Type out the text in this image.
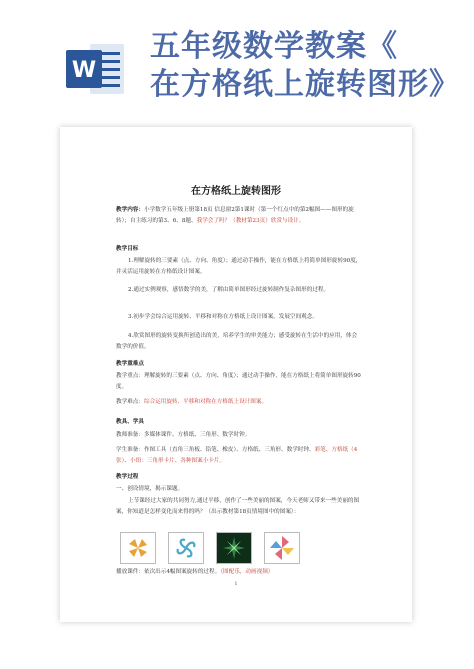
W
五年级数学教案《
在方格纸上旋转图形》
在方格纸上旋转图形
教学内容：小学数学五年级上册第18页 信息窗2第1课时（第一个红点中的第2幅图——图形的旋转）；自主练习的第3、6、8题、我学会了吗？（教材第23页）欣赏与设计。
教学目标
1.理解旋转的三要素（点、方向、角度）；通过动手操作，能在方格纸上将简单图形旋转90度，并灵活运用旋转在方格纸设计图案。
2.通过实例观察，感悟数学的美，了解由简单图形经过旋转制作复杂图形的过程。
3.初步学会综合运用旋转、平移和对称在方格纸上设计图案，发展空间观念。
4.欣赏图形的旋转变换所创造出的美，培养学生的审美能力；感受旋转在生活中的应用，体会数学的价值。
教学重难点
教学重点：理解旋转的三要素（点、方向、角度）；通过动手操作，能在方格纸上将简单图形旋转90度。
教学难点：综合运用旋转、平移和对称在方格纸上设计图案。
教具、学具
教师准备：多媒体课件、方格纸、三角形、数学时钟。
学生准备：作图工具（直角三角板、铅笔、橡皮）、方格纸、三角形、数学时钟、彩笔、方格纸（4张）、小组：三角形卡片、各种图案小卡片。
教学过程
一、创设情境，揭示课题。
上节课经过大家的共同努力,通过平移，创作了一些美丽的图案，今天老师又带来一些美丽的图案，你知道是怎样变化而来得的吗？（出示教材第18页情境图中的图案）：
播放课件：依次出示4幅图案旋转的过程。（图配乐，动画视频）
1
